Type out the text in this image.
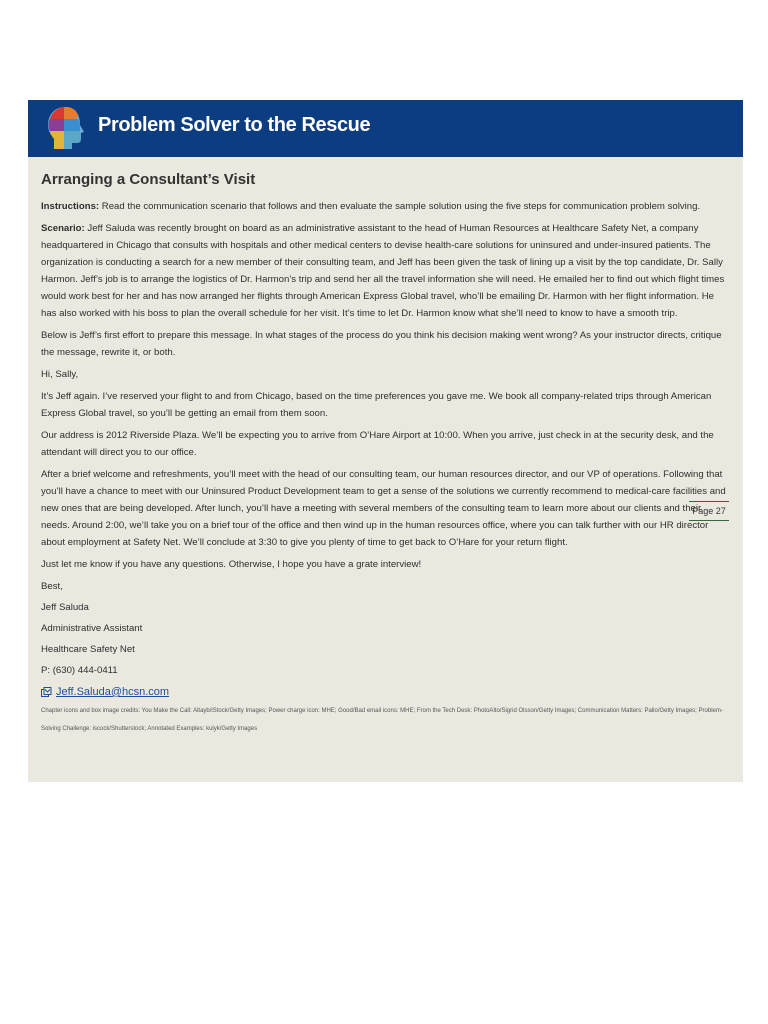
Problem Solver to the Rescue
Page 27
Arranging a Consultant’s Visit

Instructions: Read the communication scenario that follows and then evaluate the sample solution using the five steps for communication problem solving.

Scenario: Jeff Saluda was recently brought on board as an administrative assistant to the head of Human Resources at Healthcare Safety Net, a company headquartered in Chicago that consults with hospitals and other medical centers to devise health-care solutions for uninsured and under-insured patients. The organization is conducting a search for a new member of their consulting team, and Jeff has been given the task of lining up a visit by the top candidate, Dr. Sally Harmon. Jeff’s job is to arrange the logistics of Dr. Harmon’s trip and send her all the travel information she will need. He emailed her to find out which flight times would work best for her and has now arranged her flights through American Express Global travel, who’ll be emailing Dr. Harmon with her flight information. He has also worked with his boss to plan the overall schedule for her visit. It’s time to let Dr. Harmon know what she’ll need to know to have a smooth trip.

Below is Jeff’s first effort to prepare this message. In what stages of the process do you think his decision making went wrong? As your instructor directs, critique the message, rewrite it, or both.

Hi, Sally,

It’s Jeff again. I’ve reserved your flight to and from Chicago, based on the time preferences you gave me. We book all company-related trips through American Express Global travel, so you’ll be getting an email from them soon.

Our address is 2012 Riverside Plaza. We’ll be expecting you to arrive from O’Hare Airport at 10:00. When you arrive, just check in at the security desk, and the attendant will direct you to our office.

After a brief welcome and refreshments, you’ll meet with the head of our consulting team, our human resources director, and our VP of operations. Following that you’ll have a chance to meet with our Uninsured Product Development team to get a sense of the solutions we currently recommend to medical-care facilities and new ones that are being developed. After lunch, you’ll have a meeting with several members of the consulting team to learn more about our clients and their needs. Around 2:00, we’ll take you on a brief tour of the office and then wind up in the human resources office, where you can talk further with our HR director about employment at Safety Net. We’ll conclude at 3:30 to give you plenty of time to get back to O’Hare for your return flight.

Just let me know if you have any questions. Otherwise, I hope you have a grate interview!

Best,

Jeff Saluda

Administrative Assistant

Healthcare Safety Net

P: (630) 444-0411

Jeff.Saluda@hcsn.com
Chapter icons and box image credits: You Make the Call: Altayb/iStock/Getty Images; Power charge icon: MHE; Good/Bad email icons: MHE; From the Tech Desk: PhotoAlto/Sigrid Olsson/Getty Images; Communication Matters: Pallo/Getty Images; Problem-Solving Challenge: iscock/Shutterstock; Annotated Examples: kulyk/Getty Images
